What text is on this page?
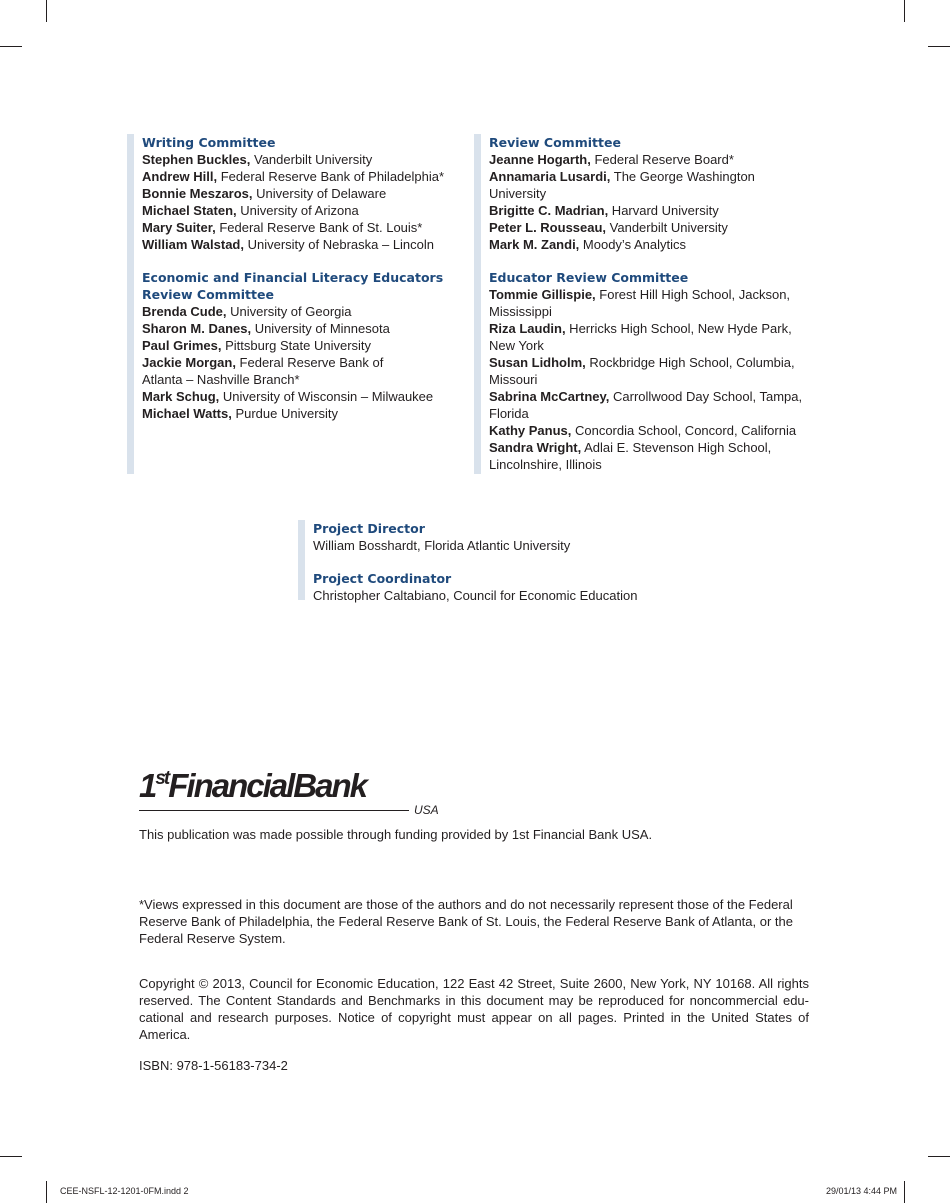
Writing Committee
Stephen Buckles, Vanderbilt University
Andrew Hill, Federal Reserve Bank of Philadelphia*
Bonnie Meszaros, University of Delaware
Michael Staten, University of Arizona
Mary Suiter, Federal Reserve Bank of St. Louis*
William Walstad, University of Nebraska – Lincoln
Economic and Financial Literacy Educators
Review Committee
Brenda Cude, University of Georgia
Sharon M. Danes, University of Minnesota
Paul Grimes, Pittsburg State University
Jackie Morgan, Federal Reserve Bank of
Atlanta – Nashville Branch*
Mark Schug, University of Wisconsin – Milwaukee
Michael Watts, Purdue University
Review Committee
Jeanne Hogarth, Federal Reserve Board*
Annamaria Lusardi, The George Washington
University
Brigitte C. Madrian, Harvard University
Peter L. Rousseau, Vanderbilt University
Mark M. Zandi, Moody’s Analytics
Educator Review Committee
Tommie Gillispie, Forest Hill High School, Jackson,
Mississippi
Riza Laudin, Herricks High School, New Hyde Park,
New York
Susan Lidholm, Rockbridge High School, Columbia,
Missouri
Sabrina McCartney, Carrollwood Day School, Tampa,
Florida
Kathy Panus, Concordia School, Concord, California
Sandra Wright, Adlai E. Stevenson High School,
Lincolnshire, Illinois
Project Director
William Bosshardt, Florida Atlantic University
Project Coordinator
Christopher Caltabiano, Council for Economic Education
1stFinancialBank
USA
This publication was made possible through funding provided by 1st Financial Bank USA.
*Views expressed in this document are those of the authors and do not necessarily represent those of the Federal Reserve Bank of Philadelphia, the Federal Reserve Bank of St. Louis, the Federal Reserve Bank of Atlanta, or the Federal Reserve System.
Copyright © 2013, Council for Economic Education, 122 East 42 Street, Suite 2600, New York, NY 10168. All rights reserved. The Content Standards and Benchmarks in this document may be reproduced for noncommercial edu-cational and research purposes. Notice of copyright must appear on all pages. Printed in the United States of America.
ISBN: 978-1-56183-734-2
CEE-NSFL-12-1201-0FM.indd 2	29/01/13 4:44 PM
